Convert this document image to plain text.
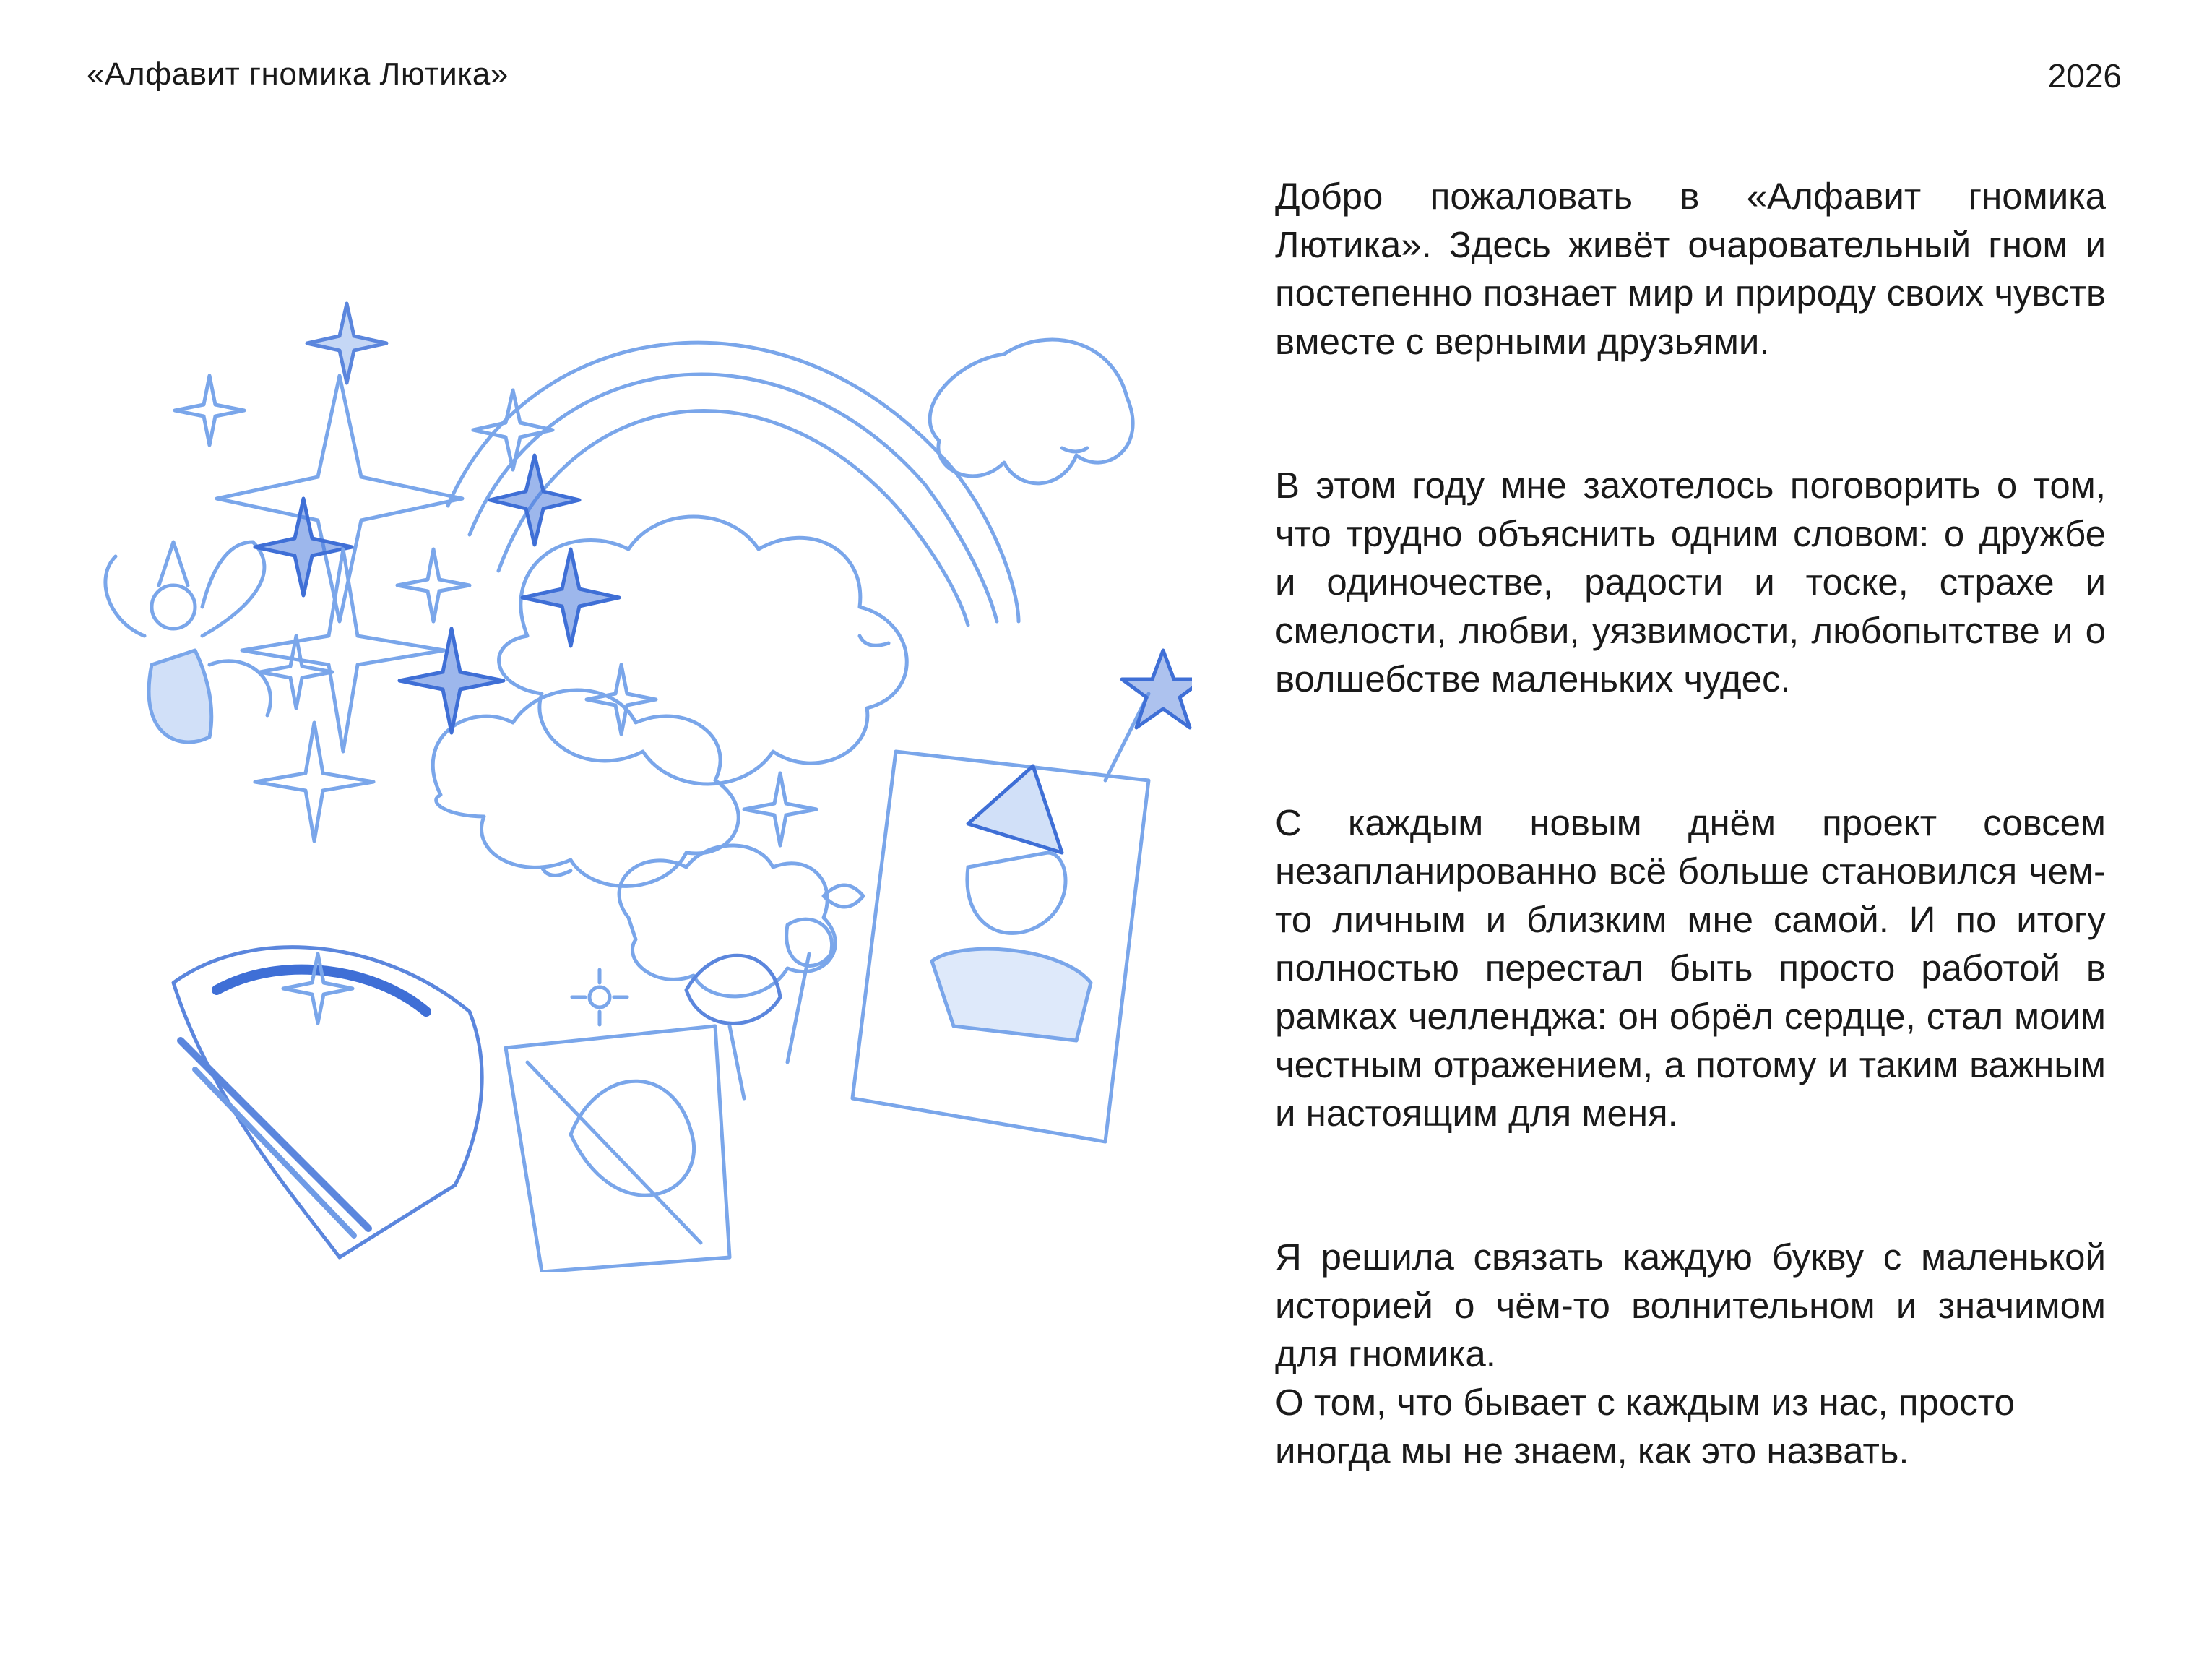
«Алфавит гномика Лютика»	2026

Добро пожаловать в «Алфавит гномика Лютика». Здесь живёт очаровательный гном и постепенно познает мир и природу своих чувств вместе с верными друзьями.

В этом году мне захотелось поговорить о том, что трудно объяснить одним словом: о дружбе и одиночестве, радости и тоске, страхе и смелости, любви, уязвимости, любопытстве и о волшебстве маленьких чудес.

С каждым новым днём проект совсем незапланированно всё больше становился чем-то личным и близким мне самой. И по итогу полностью перестал быть просто работой в рамках челленджа: он обрёл сердце, стал моим честным отражением, а потому и таким важным и настоящим для меня.

Я решила связать каждую букву с маленькой историей о чём-то волнительном и значимом для гномика.

О том, что бывает с каждым из нас, просто иногда мы не знаем, как это назвать.
